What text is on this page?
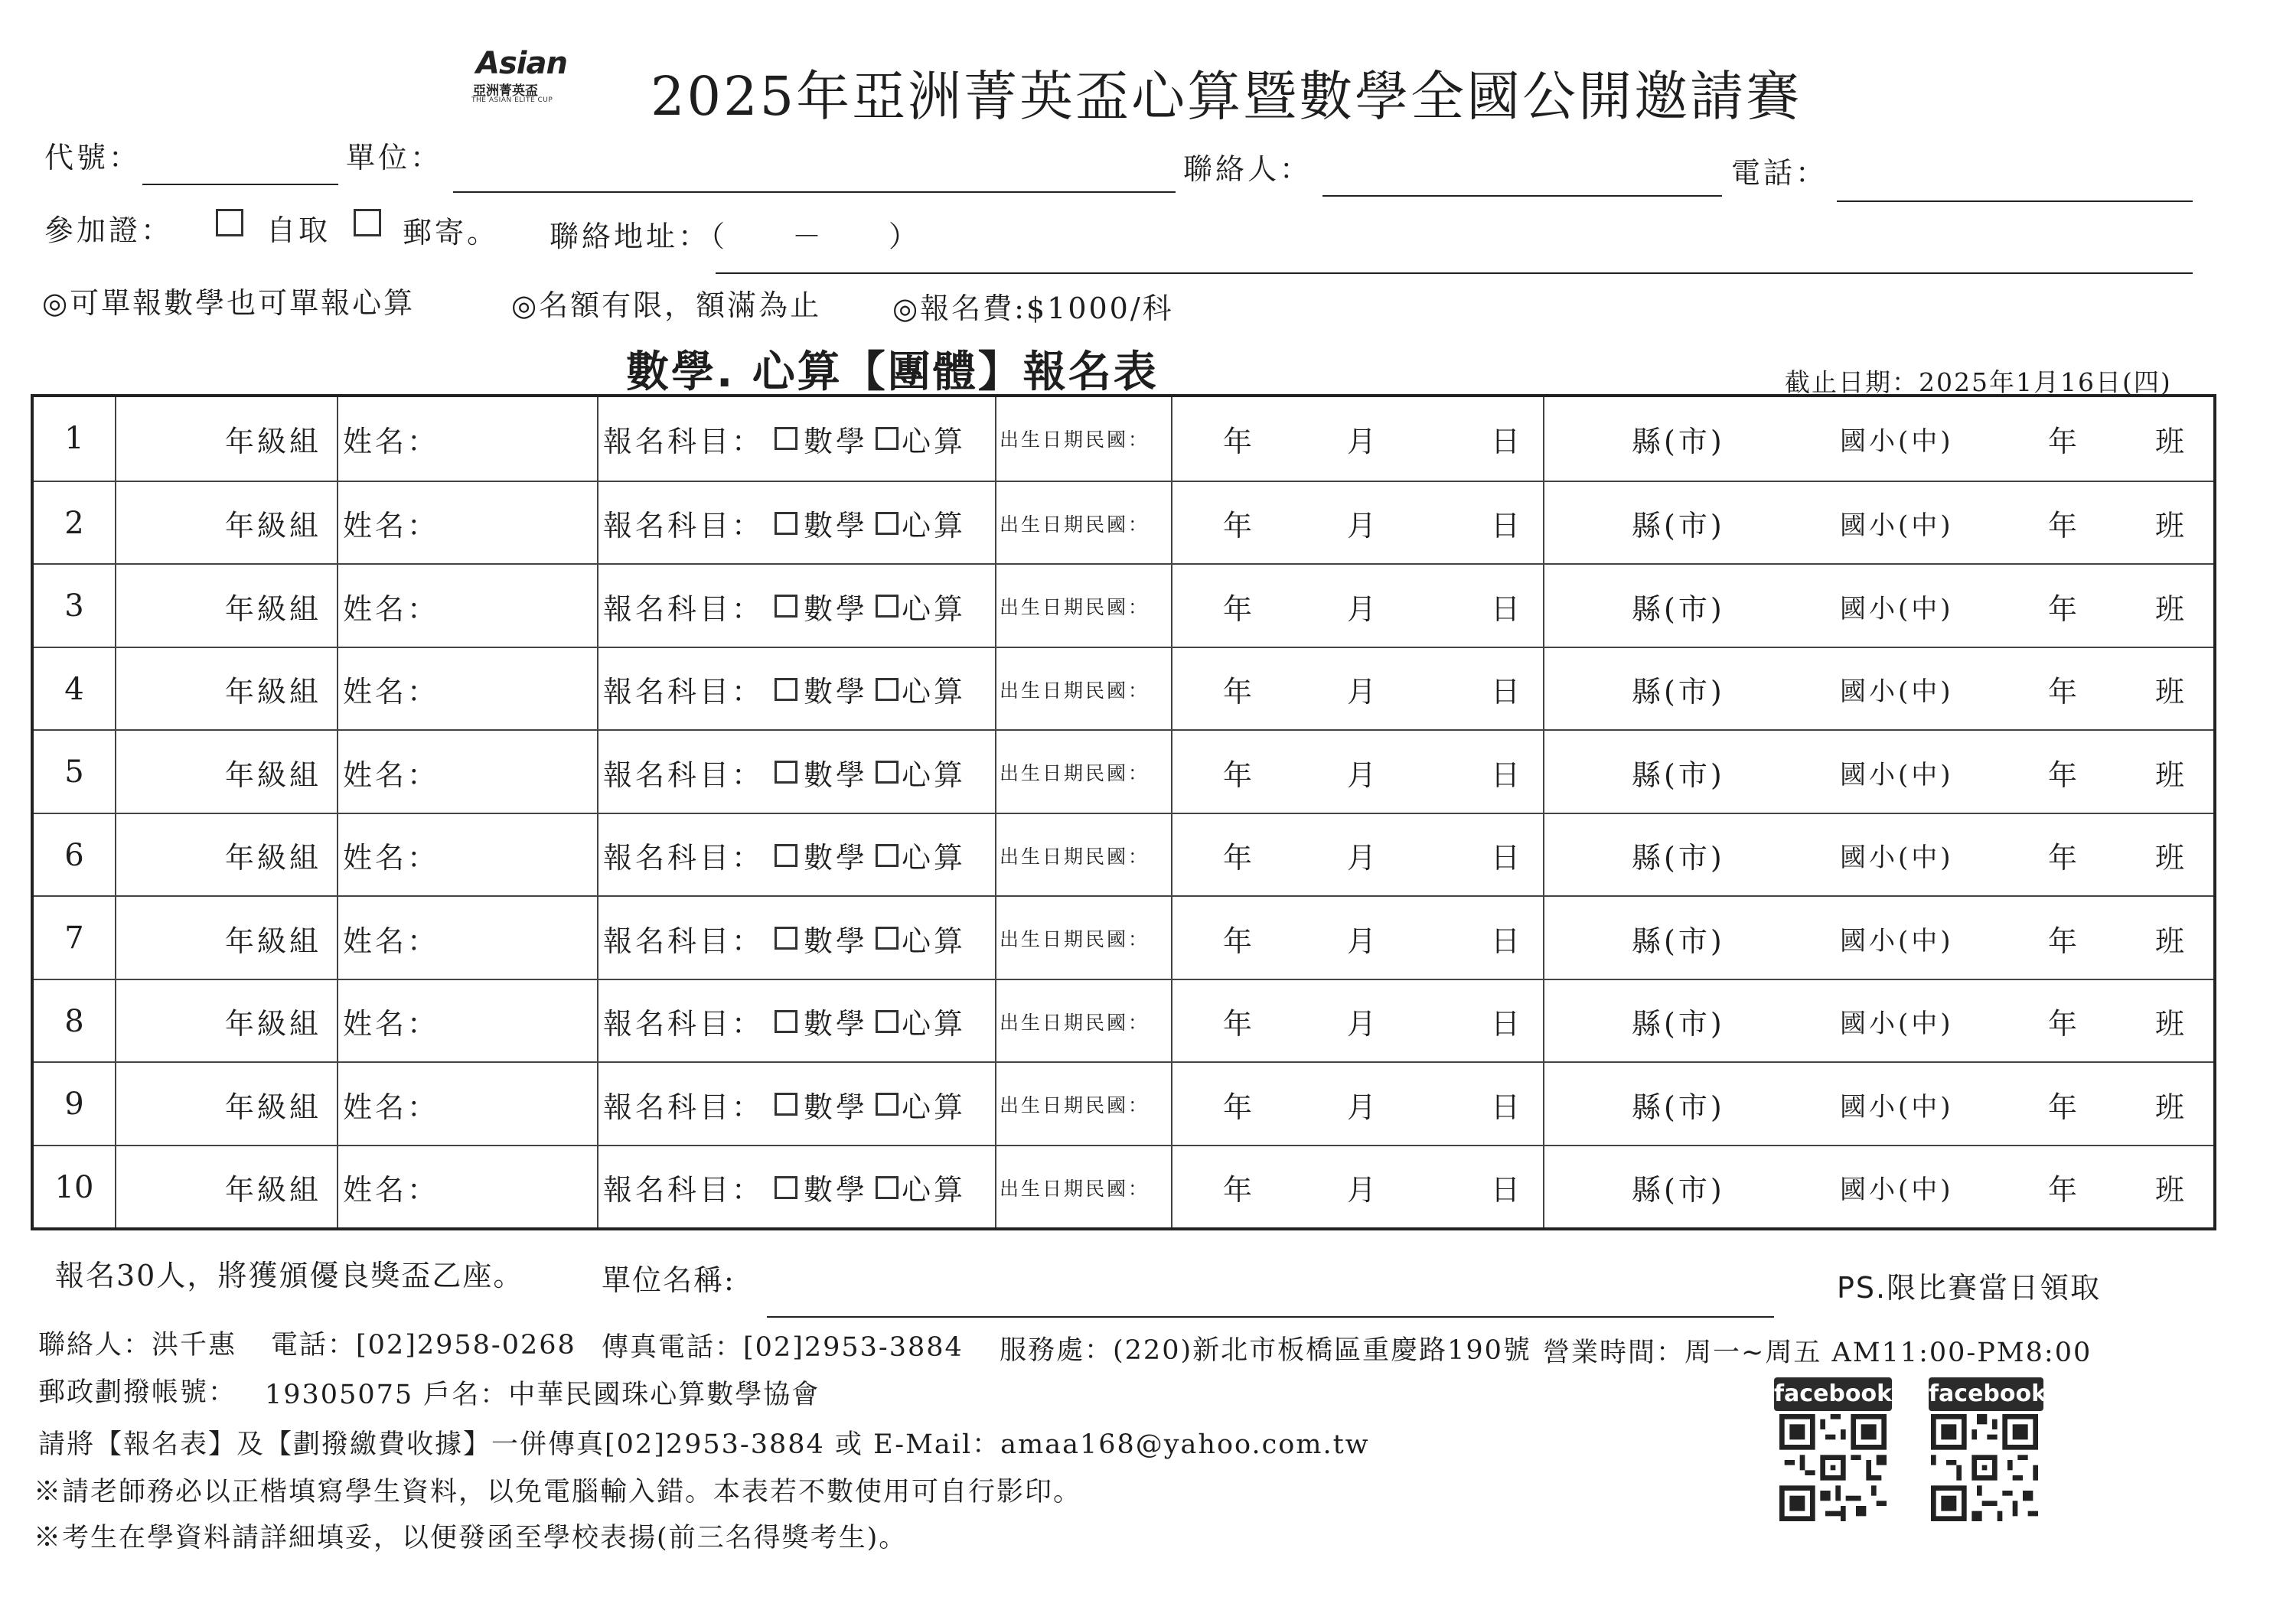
Asian
亞洲菁英盃
THE ASIAN ELITE CUP 2025年亞洲菁英盃心算暨數學全國公開邀請賽
代號：	單位：	聯絡人：	電話：
參加證：	自取 郵寄。 聯絡地址：（　　－　　）
◎可單報數學也可單報心算	◎名額有限，額滿為止 ◎報名費:$1000/科
數學. 心算【團體】報名表	截止日期：2025年1月16日(四)
1	年級組 姓名：	報名科目： 數學 心算 出生日期民國：	年	月	日	縣(市)	國小(中)	年	班
2	年級組 姓名：	報名科目： 數學 心算 出生日期民國：	年	月	日	縣(市)	國小(中)	年	班
3	年級組 姓名：	報名科目： 數學 心算 出生日期民國：	年	月	日	縣(市)	國小(中)	年	班
4	年級組 姓名：	報名科目： 數學 心算 出生日期民國：	年	月	日	縣(市)	國小(中)	年	班
5	年級組 姓名：	報名科目： 數學 心算 出生日期民國：	年	月	日	縣(市)	國小(中)	年	班
6	年級組 姓名：	報名科目： 數學 心算 出生日期民國：	年	月	日	縣(市)	國小(中)	年	班
7	年級組 姓名：	報名科目： 數學 心算 出生日期民國：	年	月	日	縣(市)	國小(中)	年	班
8	年級組 姓名：	報名科目： 數學 心算 出生日期民國：	年	月	日	縣(市)	國小(中)	年	班
9	年級組 姓名：	報名科目： 數學 心算 出生日期民國：	年	月	日	縣(市)	國小(中)	年	班
10	年級組 姓名：	報名科目： 數學 心算 出生日期民國：	年	月	日	縣(市)	國小(中)	年	班
報名30人，將獲頒優良獎盃乙座。	單位名稱:	PS.限比賽當日領取
聯絡人：洪千惠 電話：[02]2958-0268 傳真電話：[02]2953-3884 服務處：(220)新北市板橋區重慶路190號 營業時間：周一~周五 AM11:00-PM8:00
郵政劃撥帳號： 19305075 戶名：中華民國珠心算數學協會
請將【報名表】及【劃撥繳費收據】一併傳真[02]2953-3884 或 E-Mail：amaa168@yahoo.com.tw
※請老師務必以正楷填寫學生資料，以免電腦輸入錯。本表若不數使用可自行影印。
※考生在學資料請詳細填妥，以便發函至學校表揚(前三名得獎考生)。
facebook facebook
